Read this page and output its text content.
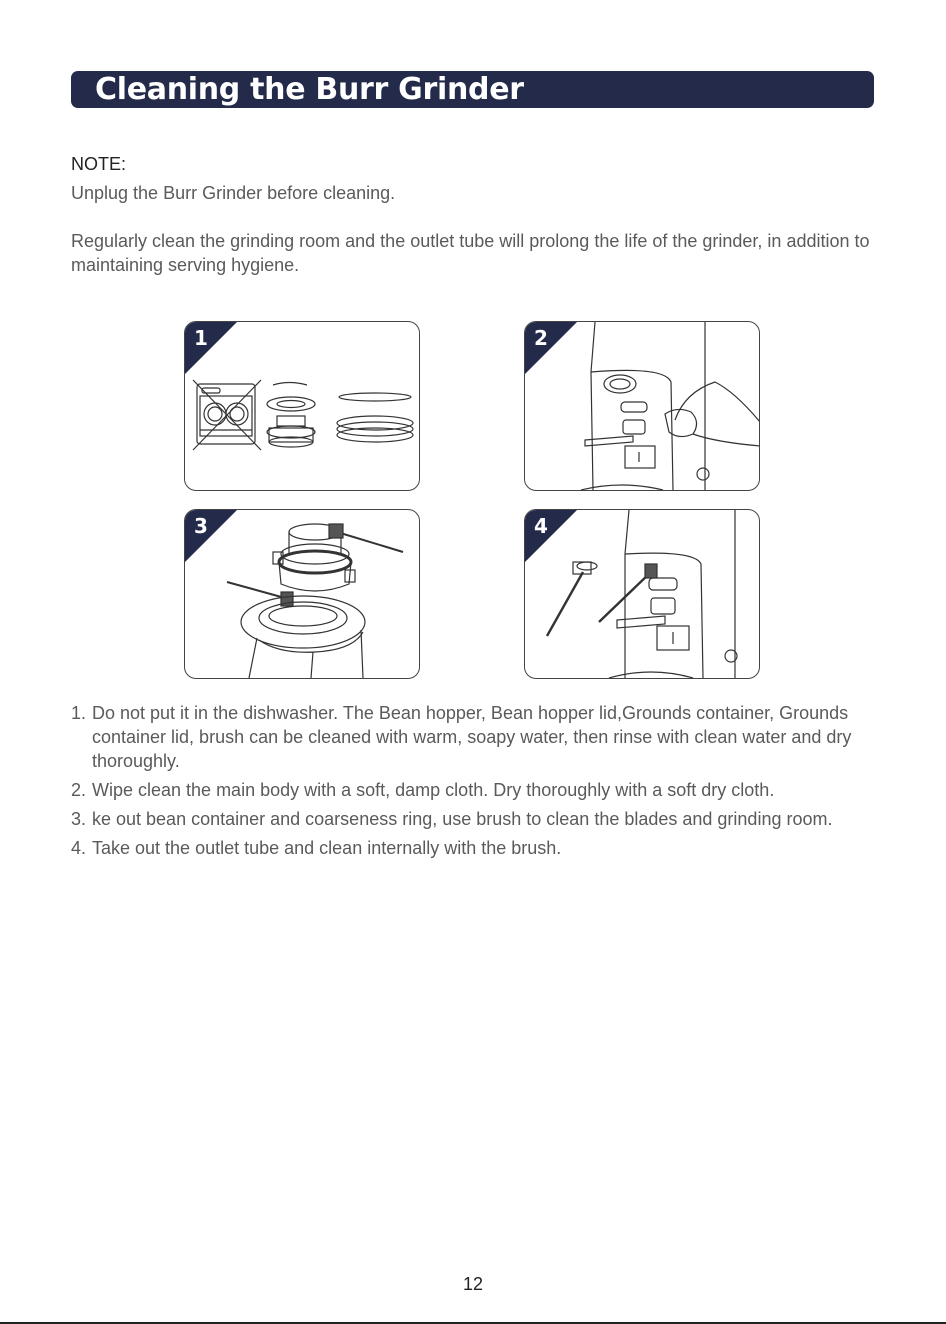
Cleaning the Burr Grinder
NOTE:
Unplug the Burr Grinder before cleaning.

Regularly clean the grinding room and the outlet tube will prolong the life of the grinder, in addition to maintaining serving hygiene.

1	2
3	4
1. Do not put it in the dishwasher. The Bean hopper, Bean hopper lid,Grounds container, Grounds container lid, brush can be cleaned with warm, soapy water, then rinse with clean water and dry thoroughly.
2. Wipe clean the main body with a soft, damp cloth. Dry thoroughly with a soft dry cloth.
3. ke out bean container and coarseness ring, use brush to clean the blades and grinding room.
4. Take out the outlet tube and clean internally with the brush.
12
